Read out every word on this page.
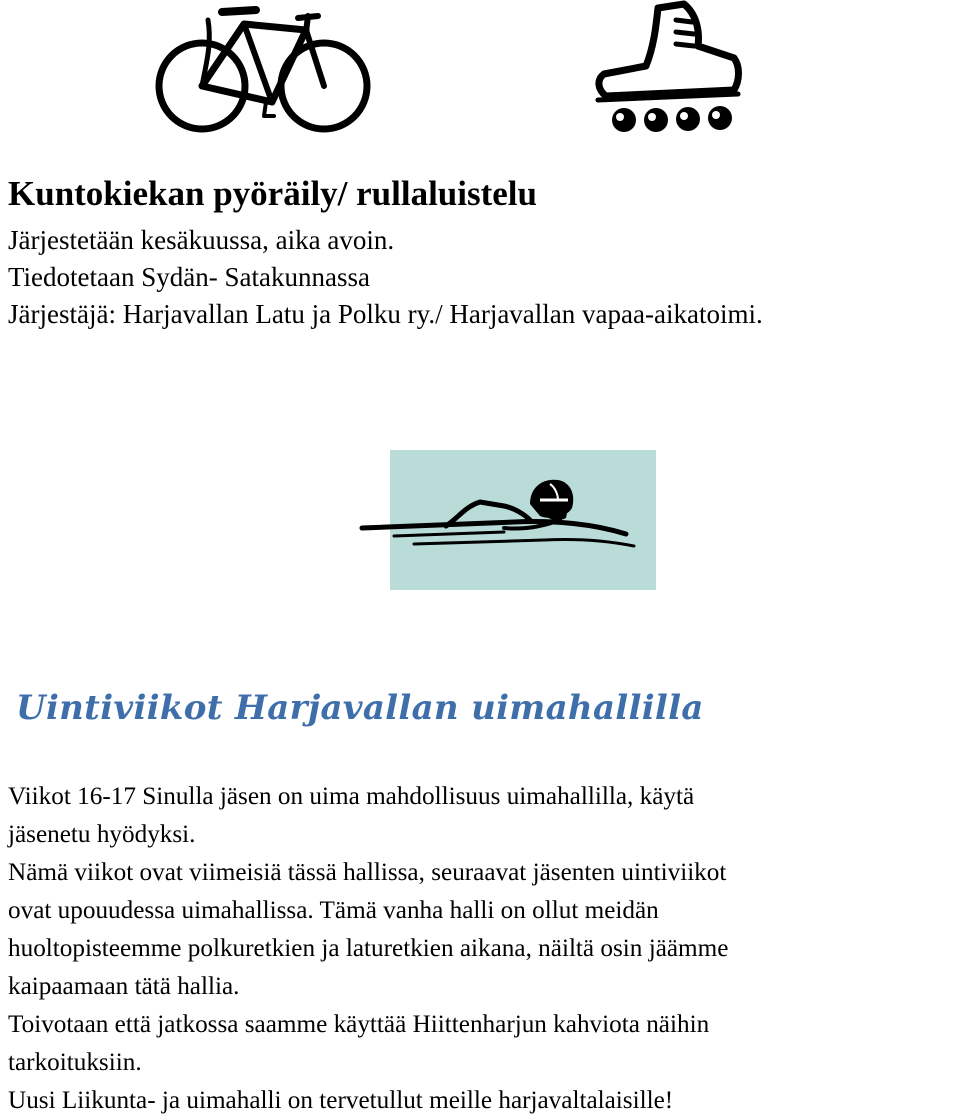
Kuntokiekan pyöräily/ rullaluistelu
Järjestetään kesäkuussa, aika avoin.
Tiedotetaan Sydän- Satakunnassa
Järjestäjä: Harjavallan Latu ja Polku ry./ Harjavallan vapaa-aikatoimi.
Uintiviikot Harjavallan uimahallilla
Viikot 16-17 Sinulla jäsen on uima mahdollisuus uimahallilla, käytä
jäsenetu hyödyksi.
Nämä viikot ovat viimeisiä tässä hallissa, seuraavat jäsenten uintiviikot
ovat upouudessa uimahallissa. Tämä vanha halli on ollut meidän
huoltopisteemme polkuretkien ja laturetkien aikana, näiltä osin jäämme
kaipaamaan tätä hallia.
Toivotaan että jatkossa saamme käyttää Hiittenharjun kahviota näihin
tarkoituksiin.
Uusi Liikunta- ja uimahalli on tervetullut meille harjavaltalaisille!
